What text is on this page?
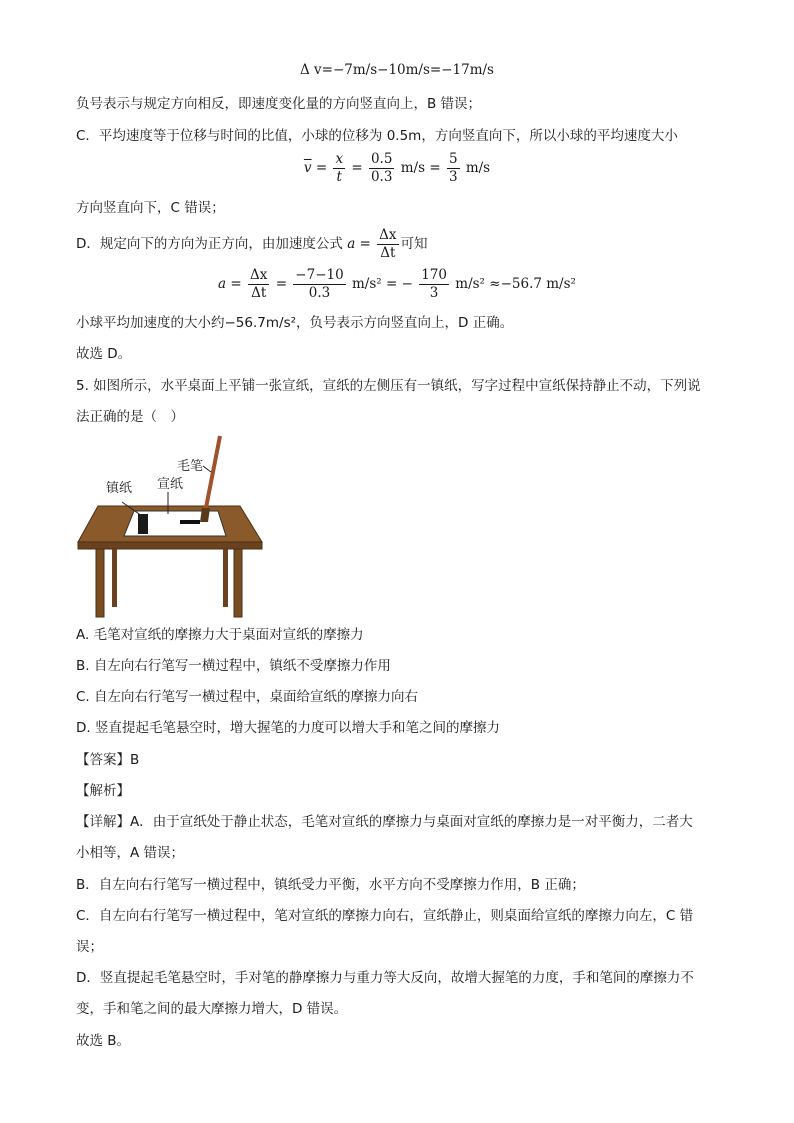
Δ v=−7m/s−10m/s=−17m/s
负号表示与规定方向相反，即速度变化量的方向竖直向上，B 错误；
C．平均速度等于位移与时间的比值，小球的位移为 0.5m，方向竖直向下，所以小球的平均速度大小
$\overline{v} = \frac{x}{t} = \frac{0.5}{0.3} m/s = \frac{5}{3} m/s$
方向竖直向下，C 错误；
D．规定向下的方向为正方向，由加速度公式 $a = \frac{\Delta x}{\Delta t}$ 可知
$a = \frac{\Delta x}{\Delta t} = \frac{-7-10}{0.3} m/s^2$ = − $\frac{170}{3} m/s^2 \approx-56.7$ m/s²
小球平均加速度的大小约−56.7m/s²，负号表示方向竖直向上，D 正确。
故选 D。
5. 如图所示，水平桌面上平铺一张宣纸，宣纸的左侧压有一镇纸，写字过程中宣纸保持静止不动，下列说
法正确的是（　）
毛笔
镇纸 宣纸
A. 毛笔对宣纸的摩擦力大于桌面对宣纸的摩擦力
B. 自左向右行笔写一横过程中，镇纸不受摩擦力作用
C. 自左向右行笔写一横过程中，桌面给宣纸的摩擦力向右
D. 竖直提起毛笔悬空时，增大握笔的力度可以增大手和笔之间的摩擦力
【答案】B
【解析】
【详解】A．由于宣纸处于静止状态，毛笔对宣纸的摩擦力与桌面对宣纸的摩擦力是一对平衡力，二者大
小相等，A 错误；
B．自左向右行笔写一横过程中，镇纸受力平衡，水平方向不受摩擦力作用，B 正确；
C．自左向右行笔写一横过程中，笔对宣纸的摩擦力向右，宣纸静止，则桌面给宣纸的摩擦力向左，C 错
误；
D．竖直提起毛笔悬空时，手对笔的静摩擦力与重力等大反向，故增大握笔的力度，手和笔间的摩擦力不
变，手和笔之间的最大摩擦力增大，D 错误。
故选 B。
